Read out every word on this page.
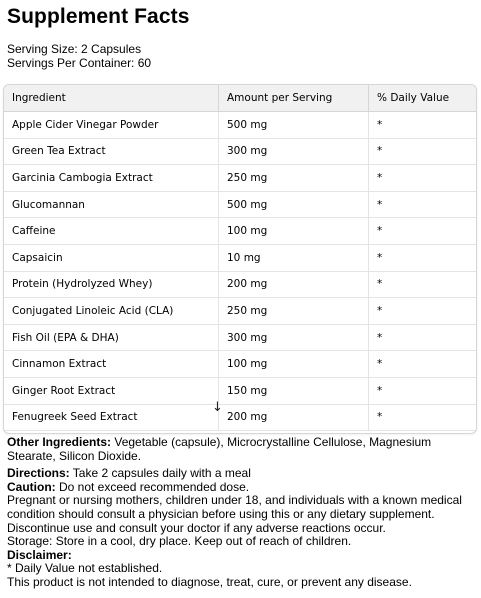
Supplement Facts
Serving Size: 2 Capsules
Servings Per Container: 60
Ingredient	Amount per Serving	% Daily Value
Apple Cider Vinegar Powder	500 mg	*
Green Tea Extract	300 mg	*
Garcinia Cambogia Extract	250 mg	*
Glucomannan	500 mg	*
Caffeine	100 mg	*
Capsaicin	10 mg	*
Protein (Hydrolyzed Whey)	200 mg	*
Conjugated Linoleic Acid (CLA)	250 mg	*
Fish Oil (EPA & DHA)	300 mg	*
Cinnamon Extract	100 mg	*
Ginger Root Extract	150 mg	*
Fenugreek Seed Extract	200 mg	*
↓

Other Ingredients: Vegetable (capsule), Microcrystalline Cellulose, Magnesium Stearate, Silicon Dioxide.

Directions: Take 2 capsules daily with a meal

Caution: Do not exceed recommended dose.

Pregnant or nursing mothers, children under 18, and individuals with a known medical condition should consult a physician before using this or any dietary supplement.

Discontinue use and consult your doctor if any adverse reactions occur.

Storage: Store in a cool, dry place. Keep out of reach of children.

Disclaimer:

* Daily Value not established.

This product is not intended to diagnose, treat, cure, or prevent any disease.
